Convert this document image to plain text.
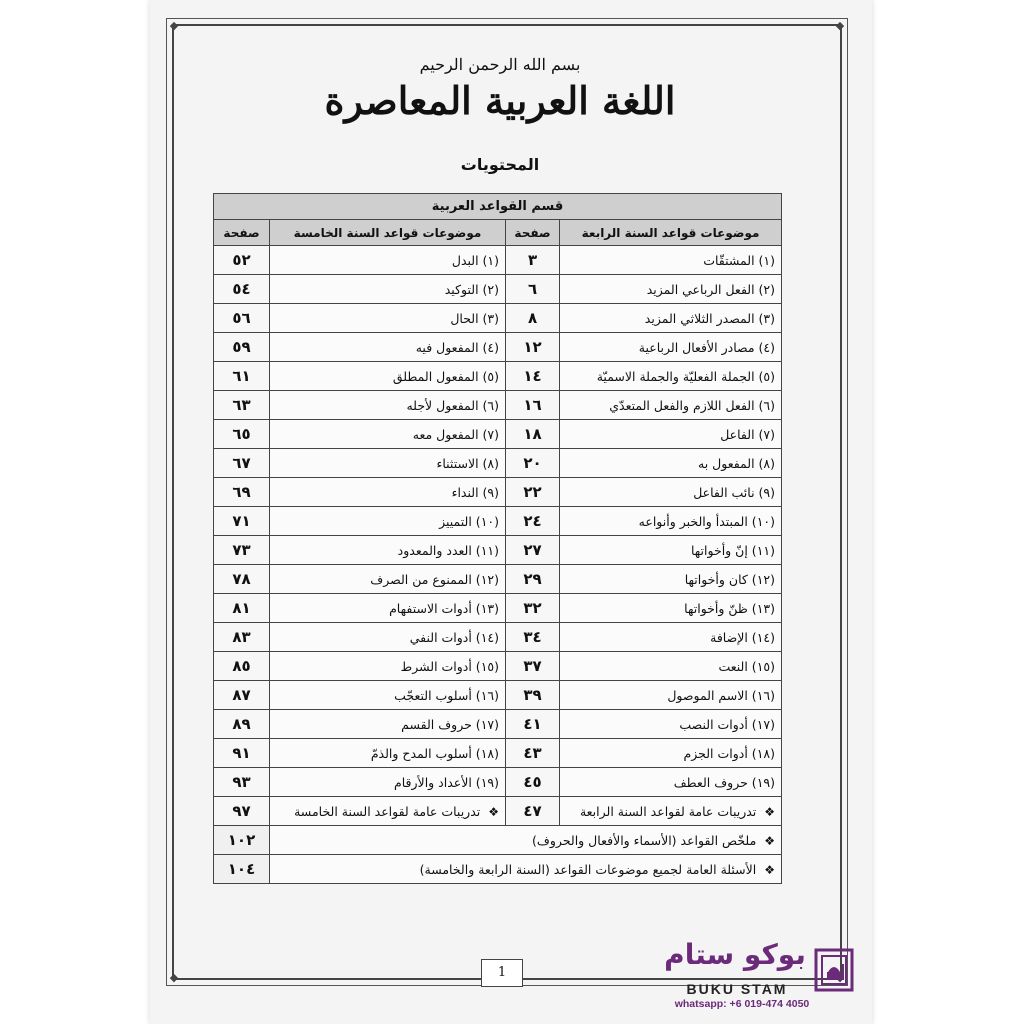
◆	◆
◆
بسم الله الرحمن الرحيم
اللغة العربية المعاصرة
المحتويات
قسم القواعد العربية			
موضوعات قواعد السنة الرابعة	صفحة	موضوعات قواعد السنة الخامسة	صفحة
(١) المشتقّات	٣	(١) البدل	٥٢
(٢) الفعل الرباعي المزيد	٦	(٢) التوكيد	٥٤
(٣) المصدر الثلاثي المزيد	٨	(٣) الحال	٥٦
(٤) مصادر الأفعال الرباعية	١٢	(٤) المفعول فيه	٥٩
(٥) الجملة الفعليّة والجملة الاسميّة	١٤	(٥) المفعول المطلق	٦١
(٦) الفعل اللازم والفعل المتعدّي	١٦	(٦) المفعول لأجله	٦٣
(٧) الفاعل	١٨	(٧) المفعول معه	٦٥
(٨) المفعول به	٢٠	(٨) الاستثناء	٦٧
(٩) نائب الفاعل	٢٢	(٩) النداء	٦٩
(١٠) المبتدأ والخبر وأنواعه	٢٤	(١٠) التمييز	٧١
(١١) إنّ وأخواتها	٢٧	(١١) العدد والمعدود	٧٣
(١٢) كان وأخواتها	٢٩	(١٢) الممنوع من الصرف	٧٨
(١٣) ظنّ وأخواتها	٣٢	(١٣) أدوات الاستفهام	٨١
(١٤) الإضافة	٣٤	(١٤) أدوات النفي	٨٣
(١٥) النعت	٣٧	(١٥) أدوات الشرط	٨٥
(١٦) الاسم الموصول	٣٩	(١٦) أسلوب التعجّب	٨٧
(١٧) أدوات النصب	٤١	(١٧) حروف القسم	٨٩
(١٨) أدوات الجزم	٤٣	(١٨) أسلوب المدح والذمّ	٩١
(١٩) حروف العطف	٤٥	(١٩) الأعداد والأرقام	٩٣
❖ تدريبات عامة لقواعد السنة الرابعة	٤٧	❖ تدريبات عامة لقواعد السنة الخامسة	٩٧
❖ ملخّص القواعد (الأسماء والأفعال والحروف)			١٠٢
❖ الأسئلة العامة لجميع موضوعات القواعد (السنة الرابعة والخامسة)			١٠٤
1
بوكو ستام
BUKU STAM
whatsapp: +6 019-474 4050
